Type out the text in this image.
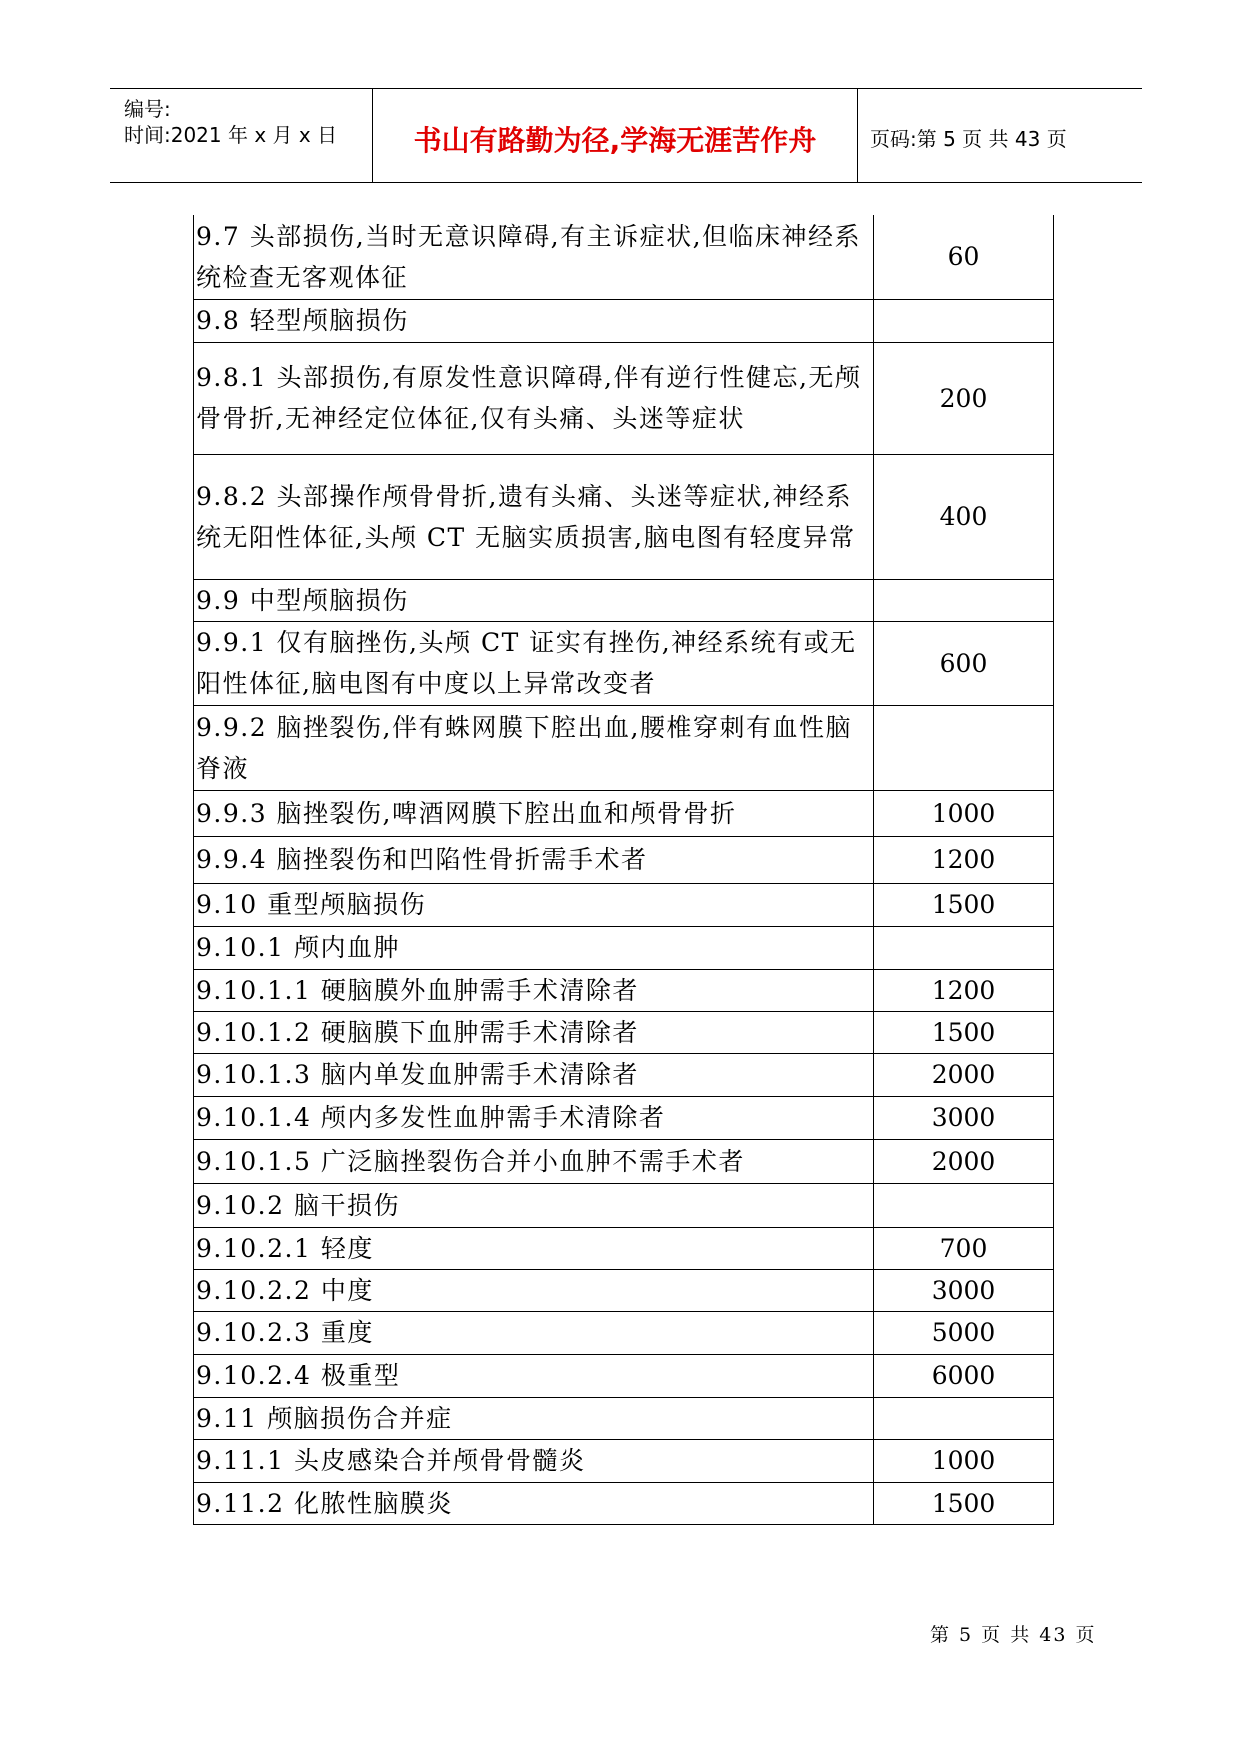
编号:
时间:2021 年 x 月 x 日	书山有路勤为径,学海无涯苦作舟	页码:第 5 页 共 43 页
9.7 头部损伤,当时无意识障碍,有主诉症状,但临床神经系统检查无客观体征	60
9.8 轻型颅脑损伤	
9.8.1 头部损伤,有原发性意识障碍,伴有逆行性健忘,无颅骨骨折,无神经定位体征,仅有头痛、头迷等症状	200
9.8.2 头部操作颅骨骨折,遗有头痛、头迷等症状,神经系统无阳性体征,头颅 CT 无脑实质损害,脑电图有轻度异常	400
9.9 中型颅脑损伤	
9.9.1 仅有脑挫伤,头颅 CT 证实有挫伤,神经系统有或无阳性体征,脑电图有中度以上异常改变者	600
9.9.2 脑挫裂伤,伴有蛛网膜下腔出血,腰椎穿刺有血性脑脊液	
9.9.3 脑挫裂伤,啤酒网膜下腔出血和颅骨骨折	1000
9.9.4 脑挫裂伤和凹陷性骨折需手术者	1200
9.10 重型颅脑损伤	1500
9.10.1 颅内血肿	
9.10.1.1 硬脑膜外血肿需手术清除者	1200
9.10.1.2 硬脑膜下血肿需手术清除者	1500
9.10.1.3 脑内单发血肿需手术清除者	2000
9.10.1.4 颅内多发性血肿需手术清除者	3000
9.10.1.5 广泛脑挫裂伤合并小血肿不需手术者	2000
9.10.2 脑干损伤	
9.10.2.1 轻度	700
9.10.2.2 中度	3000
9.10.2.3 重度	5000
9.10.2.4 极重型	6000
9.11 颅脑损伤合并症	
9.11.1 头皮感染合并颅骨骨髓炎	1000
9.11.2 化脓性脑膜炎	1500
第 5 页 共 43 页
